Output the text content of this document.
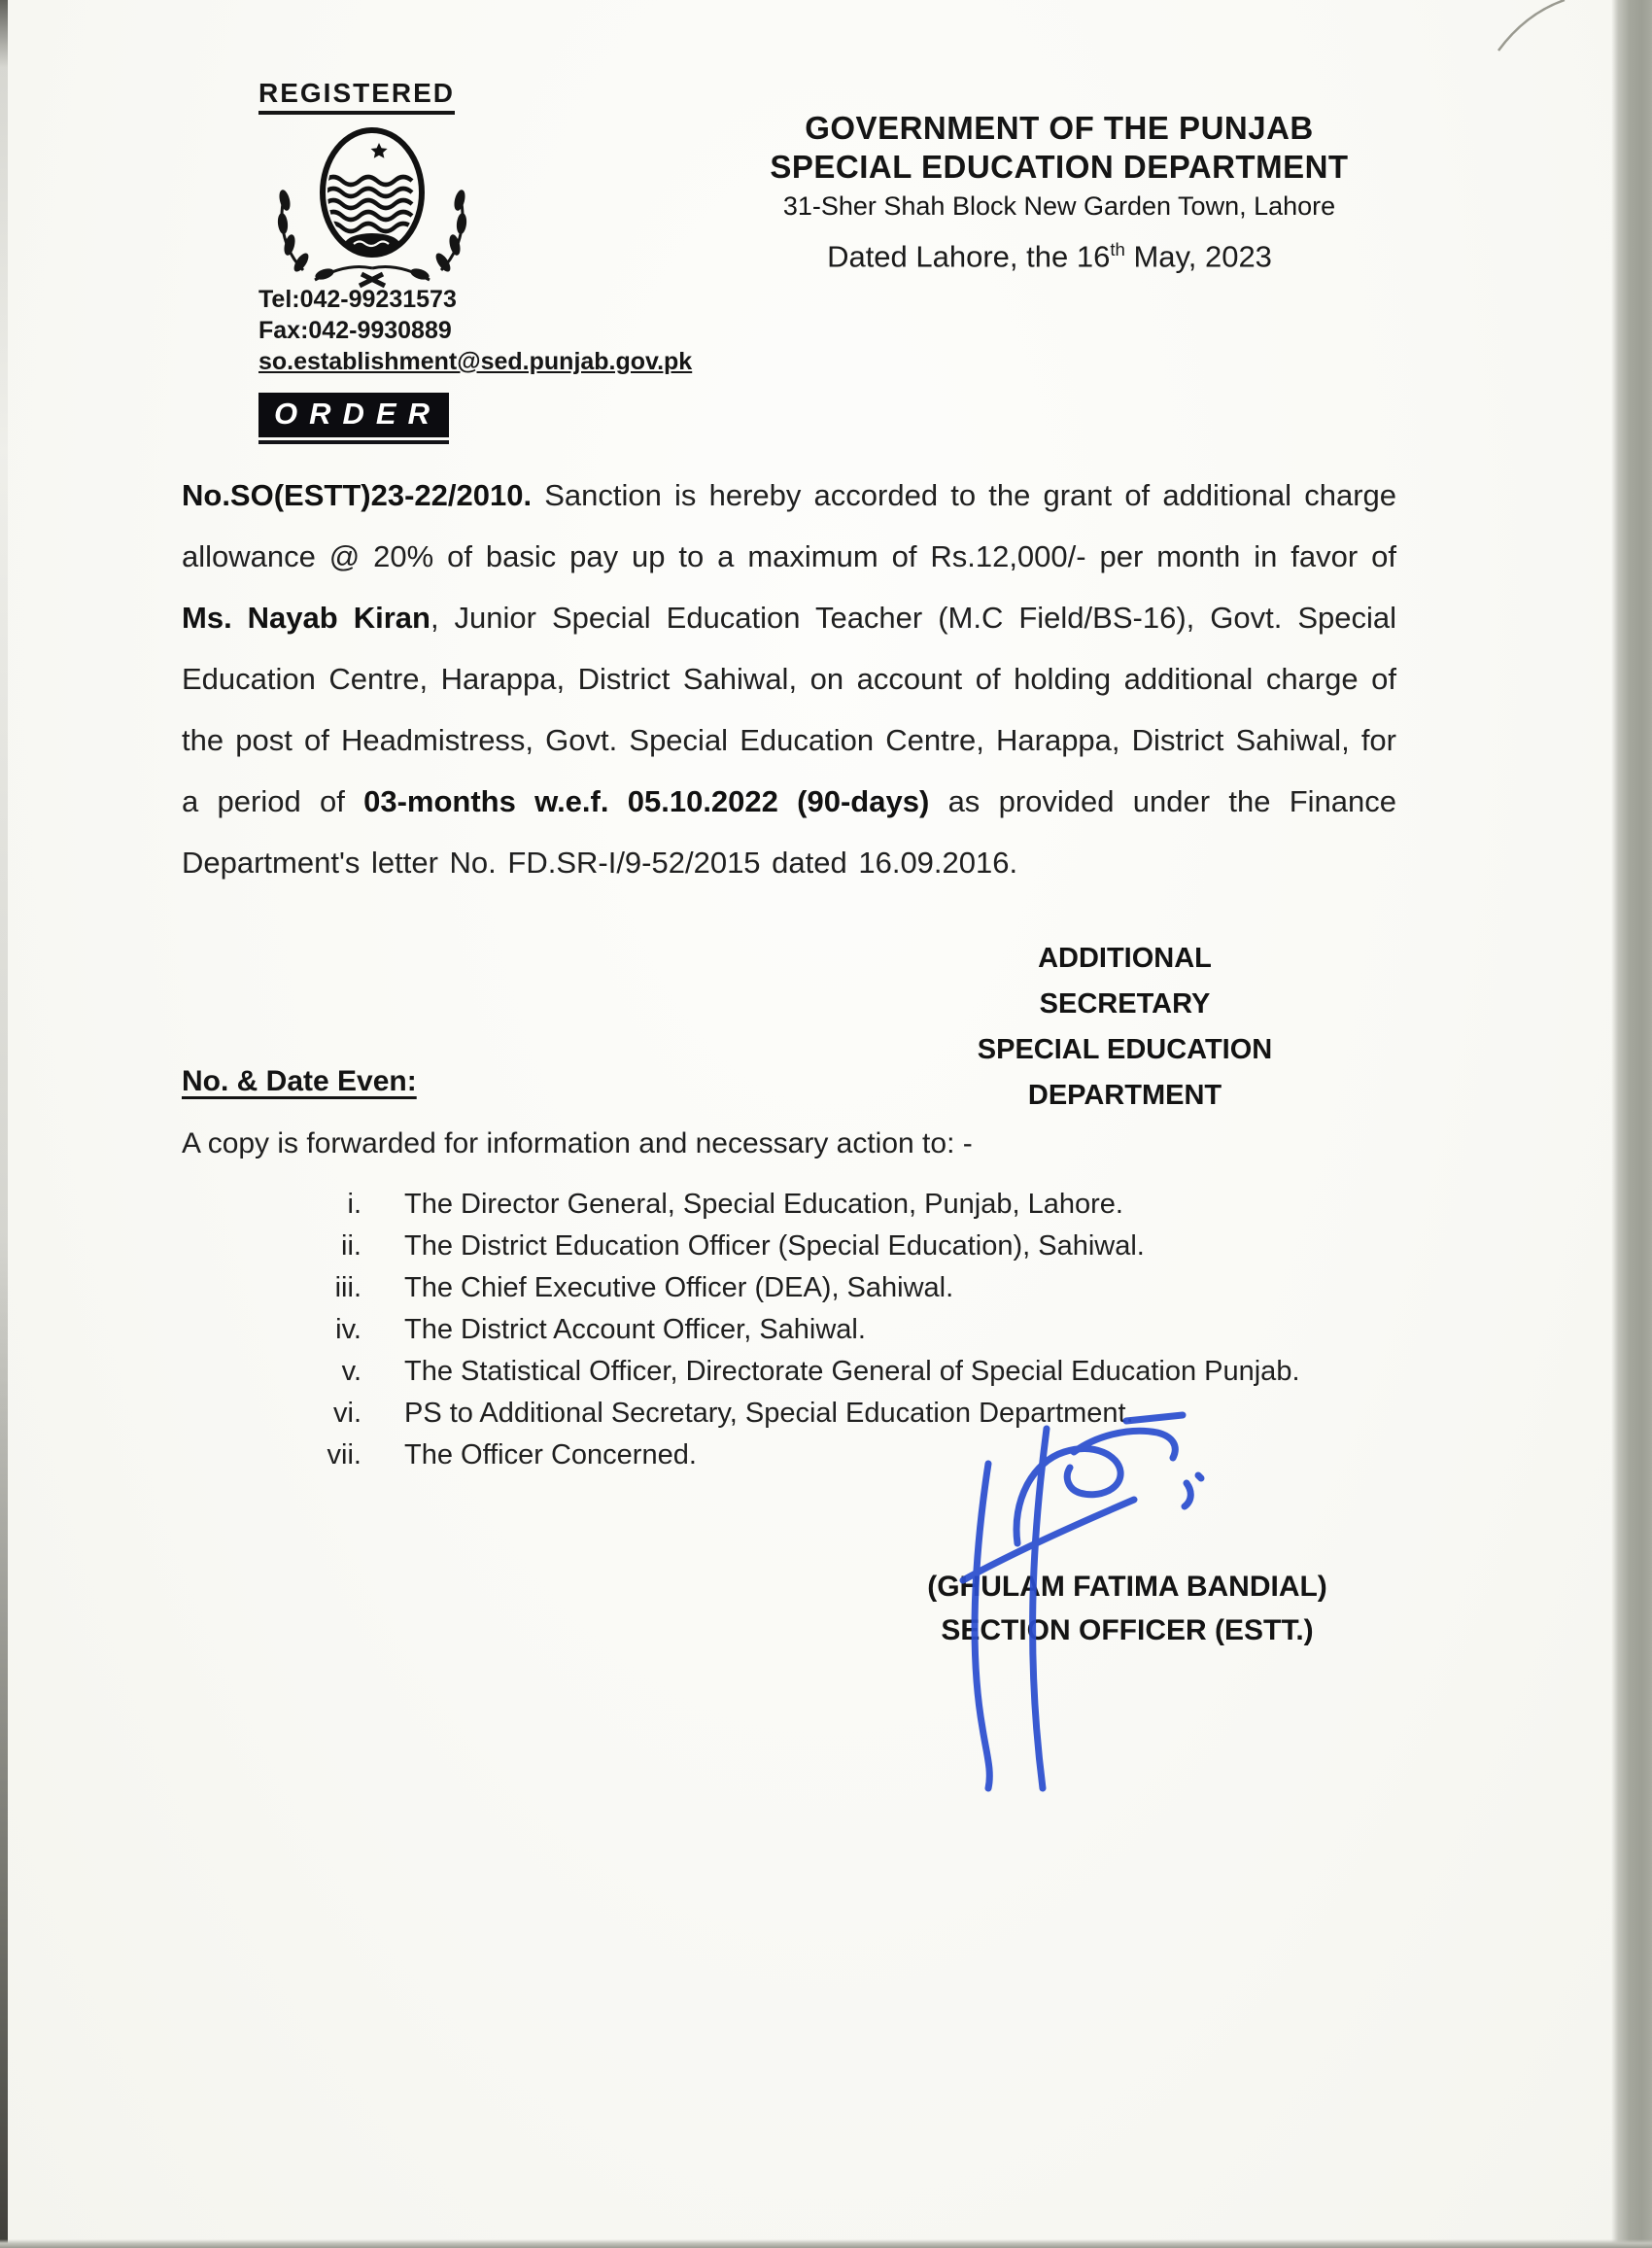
REGISTERED
GOVERNMENT OF THE PUNJAB
SPECIAL EDUCATION DEPARTMENT
31-Sher Shah Block New Garden Town, Lahore
Dated Lahore, the 16th May, 2023
Tel:042-99231573
Fax:042-9930889
so.establishment@sed.punjab.gov.pk
ORDER
No.SO(ESTT)23-22/2010. Sanction is hereby accorded to the grant of additional charge allowance @ 20% of basic pay up to a maximum of Rs.12,000/- per month in favor of Ms. Nayab Kiran, Junior Special Education Teacher (M.C Field/BS-16), Govt. Special Education Centre, Harappa, District Sahiwal, on account of holding additional charge of the post of Headmistress, Govt. Special Education Centre, Harappa, District Sahiwal, for a period of 03-months w.e.f. 05.10.2022 (90-days) as provided under the Finance Department's letter No. FD.SR-I/9-52/2015 dated 16.09.2016.
ADDITIONAL SECRETARY
SPECIAL EDUCATION
DEPARTMENT
No. & Date Even:
A copy is forwarded for information and necessary action to: -
i. The Director General, Special Education, Punjab, Lahore.
ii. The District Education Officer (Special Education), Sahiwal.
iii. The Chief Executive Officer (DEA), Sahiwal.
iv. The District Account Officer, Sahiwal.
v. The Statistical Officer, Directorate General of Special Education Punjab.
vi. PS to Additional Secretary, Special Education Department.
vii. The Officer Concerned.
(GHULAM FATIMA BANDIAL)
SECTION OFFICER (ESTT.)
